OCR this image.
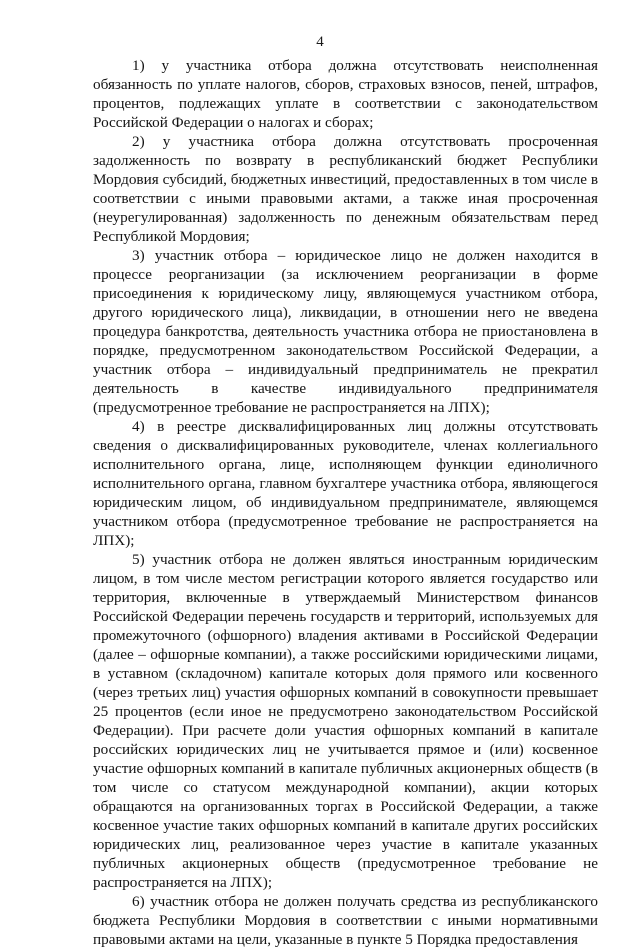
4

1) у участника отбора должна отсутствовать неисполненная обязанность по уплате налогов, сборов, страховых взносов, пеней, штрафов, процентов, подлежащих уплате в соответствии с законодательством Российской Федерации о налогах и сборах;

2) у участника отбора должна отсутствовать просроченная задолженность по возврату в республиканский бюджет Республики Мордовия субсидий, бюджетных инвестиций, предоставленных в том числе в соответствии с иными правовыми актами, а также иная просроченная (неурегулированная) задолженность по денежным обязательствам перед Республикой Мордовия;

3) участник отбора – юридическое лицо не должен находится в процессе реорганизации (за исключением реорганизации в форме присоединения к юридическому лицу, являющемуся участником отбора, другого юридического лица), ликвидации, в отношении него не введена процедура банкротства, деятельность участника отбора не приостановлена в порядке, предусмотренном законодательством Российской Федерации, а участник отбора – индивидуальный предприниматель не прекратил деятельность в качестве индивидуального предпринимателя (предусмотренное требование не распространяется на ЛПХ);

4) в реестре дисквалифицированных лиц должны отсутствовать сведения о дисквалифицированных руководителе, членах коллегиального исполнительного органа, лице, исполняющем функции единоличного исполнительного органа, главном бухгалтере участника отбора, являющегося юридическим лицом, об индивидуальном предпринимателе, являющемся участником отбора (предусмотренное требование не распространяется на ЛПХ);

5) участник отбора не должен являться иностранным юридическим лицом, в том числе местом регистрации которого является государство или территория, включенные в утверждаемый Министерством финансов Российской Федерации перечень государств и территорий, используемых для промежуточного (офшорного) владения активами в Российской Федерации (далее – офшорные компании), а также российскими юридическими лицами, в уставном (складочном) капитале которых доля прямого или косвенного (через третьих лиц) участия офшорных компаний в совокупности превышает 25 процентов (если иное не предусмотрено законодательством Российской Федерации). При расчете доли участия офшорных компаний в капитале российских юридических лиц не учитывается прямое и (или) косвенное участие офшорных компаний в капитале публичных акционерных обществ (в том числе со статусом международной компании), акции которых обращаются на организованных торгах в Российской Федерации, а также косвенное участие таких офшорных компаний в капитале других российских юридических лиц, реализованное через участие в капитале указанных публичных акционерных обществ (предусмотренное требование не распространяется на ЛПХ);

6) участник отбора не должен получать средства из республиканского бюджета Республики Мордовия в соответствии с иными нормативными правовыми актами на цели, указанные в пункте 5 Порядка предоставления
